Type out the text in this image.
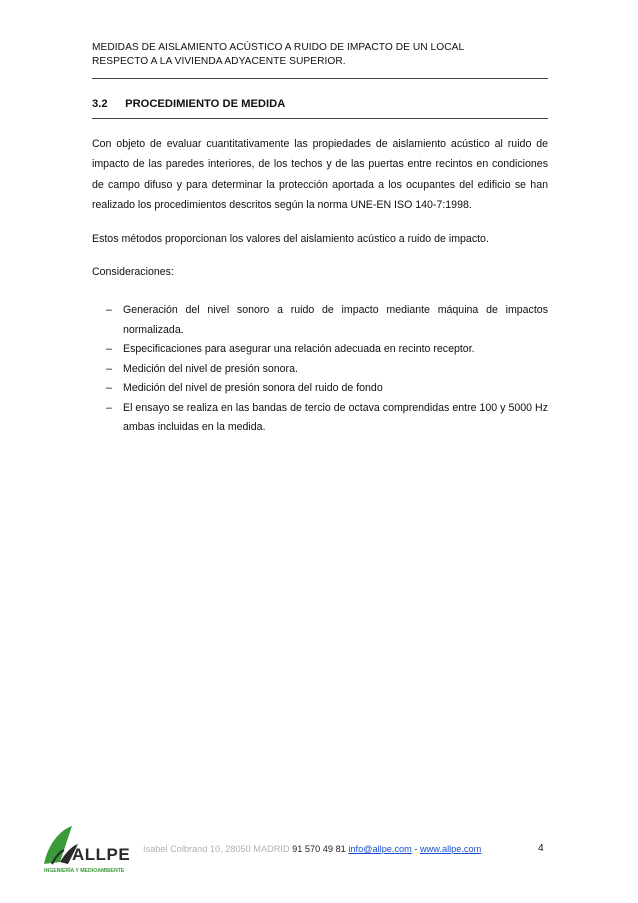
MEDIDAS DE AISLAMIENTO ACÚSTICO A RUIDO DE IMPACTO DE UN LOCAL
RESPECTO A LA VIVIENDA ADYACENTE SUPERIOR.
3.2 PROCEDIMIENTO DE MEDIDA
Con objeto de evaluar cuantitativamente las propiedades de aislamiento acústico al ruido de impacto de las paredes interiores, de los techos y de las puertas entre recintos en condiciones de campo difuso y para determinar la protección aportada a los ocupantes del edificio se han realizado los procedimientos descritos según la norma UNE-EN ISO 140-7:1998.
Estos métodos proporcionan los valores del aislamiento acústico a ruido de impacto.
Consideraciones:
– Generación del nivel sonoro a ruido de impacto mediante máquina de impactos normalizada.
– Especificaciones para asegurar una relación adecuada en recinto receptor.
– Medición del nivel de presión sonora.
– Medición del nivel de presión sonora del ruido de fondo
– El ensayo se realiza en las bandas de tercio de octava comprendidas entre 100 y 5000 Hz ambas incluidas en la medida.
ALLPE
INGENIERÍA Y MEDIOAMBIENTE
Isabel Colbrand 10, 28050 MADRID 91 570 49 81 info@allpe.com - www.allpe.com	4
